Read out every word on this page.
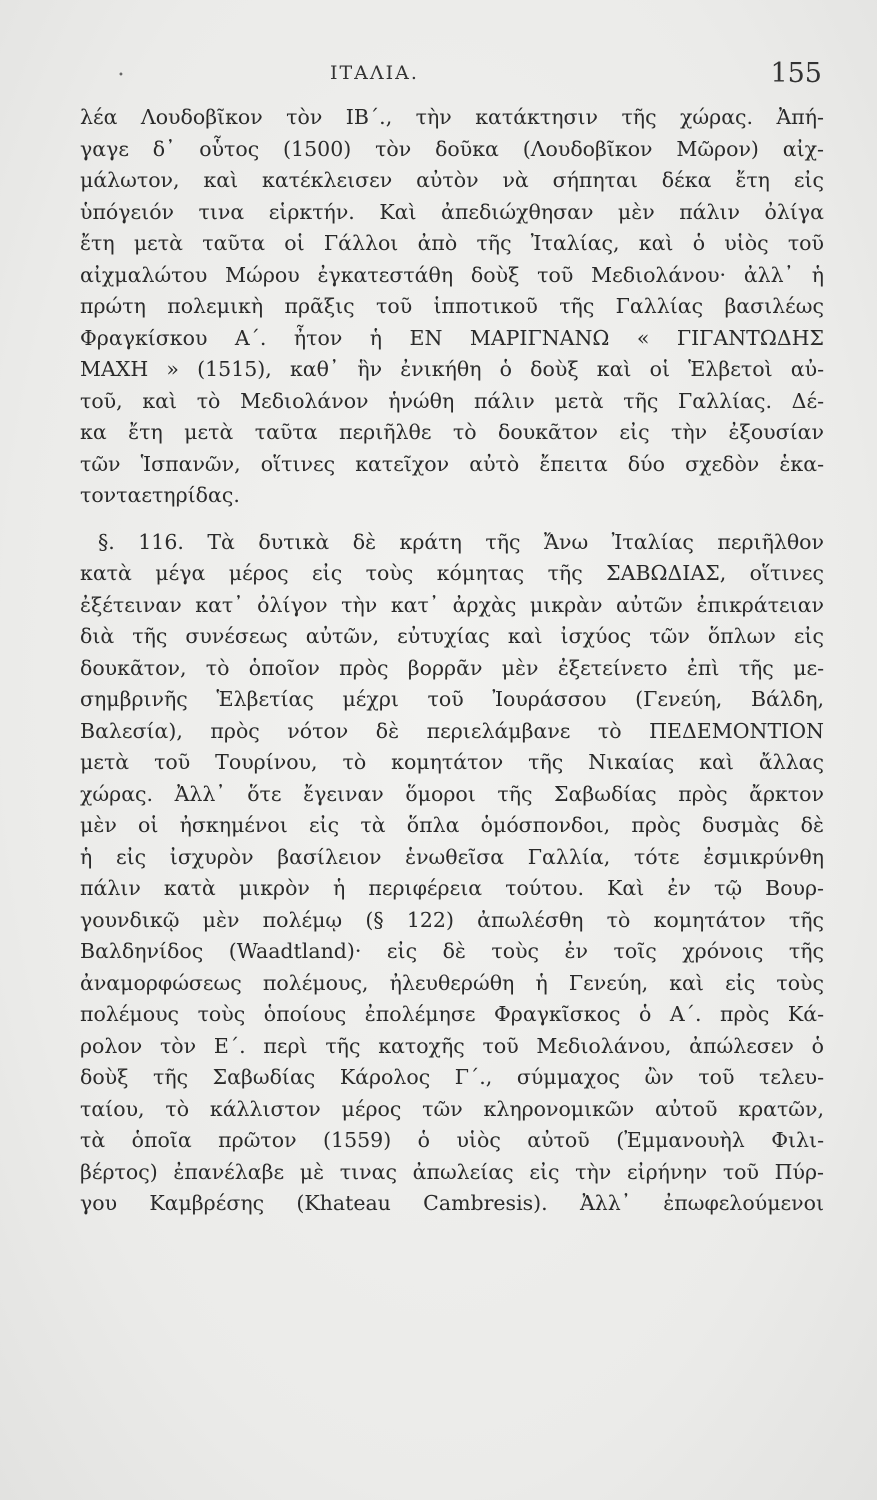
•	ΙΤΑΛΙΑ.	155
λέα Λουδοβῖκον τὸν ΙΒ΄., τὴν κατάκτησιν τῆς χώρας. Ἀπή-
γαγε δ᾽ οὗτος (1500) τὸν δοῦκα (Λουδοβῖκον Μῶρον) αἰχ-
μάλωτον, καὶ κατέκλεισεν αὐτὸν νὰ σήπηται δέκα ἔτη εἰς
ὑπόγειόν τινα εἱρκτήν. Καὶ ἀπεδιώχθησαν μὲν πάλιν ὀλίγα
ἔτη μετὰ ταῦτα οἱ Γάλλοι ἀπὸ τῆς Ἰταλίας, καὶ ὁ υἱὸς τοῦ
αἰχμαλώτου Μώρου ἐγκατεστάθη δοὺξ τοῦ Μεδιολάνου· ἀλλ᾽ ἡ
πρώτη πολεμικὴ πρᾶξις τοῦ ἱπποτικοῦ τῆς Γαλλίας βασιλέως
Φραγκίσκου Α΄. ἦτον ἡ ΕΝ ΜΑΡΙΓΝΑΝΩ « ΓΙΓΑΝΤΩΔΗΣ
ΜΑΧΗ » (1515), καθ᾽ ἣν ἐνικήθη ὁ δοὺξ καὶ οἱ Ἑλβετοὶ αὐ-
τοῦ, καὶ τὸ Μεδιολάνον ἡνώθη πάλιν μετὰ τῆς Γαλλίας. Δέ-
κα ἔτη μετὰ ταῦτα περιῆλθε τὸ δουκᾶτον εἰς τὴν ἐξουσίαν
τῶν Ἱσπανῶν, οἵτινες κατεῖχον αὐτὸ ἔπειτα δύο σχεδὸν ἑκα-
τονταετηρίδας.
§. 116. Τὰ δυτικὰ δὲ κράτη τῆς Ἄνω Ἰταλίας περιῆλθον
κατὰ μέγα μέρος εἰς τοὺς κόμητας τῆς ΣΑΒΩΔΙΑΣ, οἵτινες
ἐξέτειναν κατ᾽ ὀλίγον τὴν κατ᾽ ἀρχὰς μικρὰν αὐτῶν ἐπικράτειαν
διὰ τῆς συνέσεως αὐτῶν, εὐτυχίας καὶ ἰσχύος τῶν ὅπλων εἰς
δουκᾶτον, τὸ ὁποῖον πρὸς βορρᾶν μὲν ἐξετείνετο ἐπὶ τῆς με-
σημβρινῆς Ἑλβετίας μέχρι τοῦ Ἰουράσσου (Γενεύη, Βάλδη,
Βαλεσία), πρὸς νότον δὲ περιελάμβανε τὸ ΠΕΔΕΜΟΝΤΙΟΝ
μετὰ τοῦ Τουρίνου, τὸ κομητάτον τῆς Νικαίας καὶ ἄλλας
χώρας. Ἀλλ᾽ ὅτε ἔγειναν ὅμοροι τῆς Σαβωδίας πρὸς ἄρκτον
μὲν οἱ ἠσκημένοι εἰς τὰ ὅπλα ὁμόσπονδοι, πρὸς δυσμὰς δὲ
ἡ εἰς ἰσχυρὸν βασίλειον ἑνωθεῖσα Γαλλία, τότε ἐσμικρύνθη
πάλιν κατὰ μικρὸν ἡ περιφέρεια τούτου. Καὶ ἐν τῷ Βουρ-
γουνδικῷ μὲν πολέμῳ (§ 122) ἀπωλέσθη τὸ κομητάτον τῆς
Βαλδηνίδος (Waadtland)· εἰς δὲ τοὺς ἐν τοῖς χρόνοις τῆς
ἀναμορφώσεως πολέμους, ἠλευθερώθη ἡ Γενεύη, καὶ εἰς τοὺς
πολέμους τοὺς ὁποίους ἐπολέμησε Φραγκῖσκος ὁ Α΄. πρὸς Κά-
ρολον τὸν Ε΄. περὶ τῆς κατοχῆς τοῦ Μεδιολάνου, ἀπώλεσεν ὁ
δοὺξ τῆς Σαβωδίας Κάρολος Γ΄., σύμμαχος ὢν τοῦ τελευ-
ταίου, τὸ κάλλιστον μέρος τῶν κληρονομικῶν αὐτοῦ κρατῶν,
τὰ ὁποῖα πρῶτον (1559) ὁ υἱὸς αὐτοῦ (Ἐμμανουὴλ Φιλι-
βέρτος) ἐπανέλαβε μὲ τινας ἀπωλείας εἰς τὴν εἰρήνην τοῦ Πύρ-
γου Καμβρέσης (Khateau Cambresis). Ἀλλ᾽ ἐπωφελούμενοι
